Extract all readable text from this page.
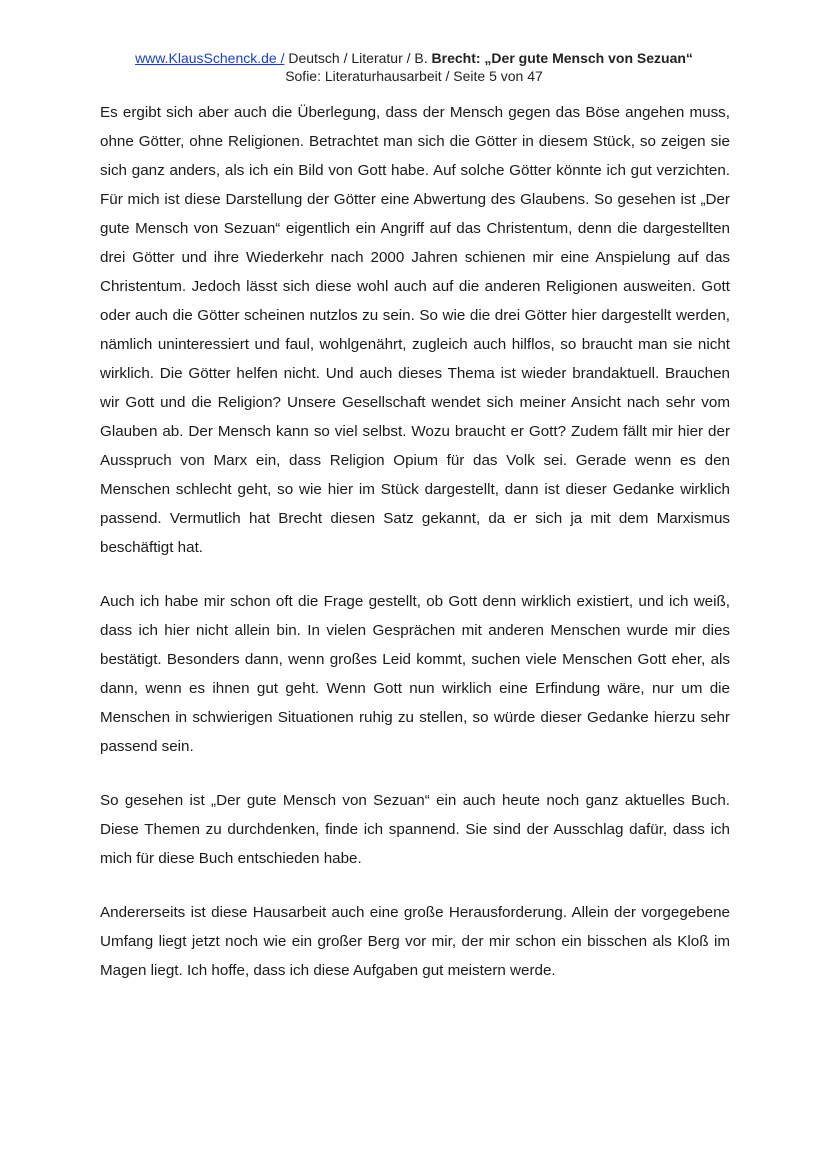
www.KlausSchenck.de / Deutsch / Literatur / B. Brecht: „Der gute Mensch von Sezuan“
Sofie: Literaturhausarbeit / Seite 5 von 47

Es ergibt sich aber auch die Überlegung, dass der Mensch gegen das Böse angehen muss, ohne Götter, ohne Religionen. Betrachtet man sich die Götter in diesem Stück, so zeigen sie sich ganz anders, als ich ein Bild von Gott habe. Auf solche Götter könnte ich gut verzichten. Für mich ist diese Darstellung der Götter eine Abwertung des Glaubens. So gesehen ist „Der gute Mensch von Sezuan“ eigentlich ein Angriff auf das Christentum, denn die dargestellten drei Götter und ihre Wiederkehr nach 2000 Jahren schienen mir eine Anspielung auf das Christentum. Jedoch lässt sich diese wohl auch auf die anderen Religionen ausweiten. Gott oder auch die Götter scheinen nutzlos zu sein. So wie die drei Götter hier dargestellt werden, nämlich uninteressiert und faul, wohlgenährt, zugleich auch hilflos, so braucht man sie nicht wirklich. Die Götter helfen nicht. Und auch dieses Thema ist wieder brandaktuell. Brauchen wir Gott und die Religion? Unsere Gesellschaft wendet sich meiner Ansicht nach sehr vom Glauben ab. Der Mensch kann so viel selbst. Wozu braucht er Gott? Zudem fällt mir hier der Ausspruch von Marx ein, dass Religion Opium für das Volk sei. Gerade wenn es den Menschen schlecht geht, so wie hier im Stück dargestellt, dann ist dieser Gedanke wirklich passend. Vermutlich hat Brecht diesen Satz gekannt, da er sich ja mit dem Marxismus beschäftigt hat.

Auch ich habe mir schon oft die Frage gestellt, ob Gott denn wirklich existiert, und ich weiß, dass ich hier nicht allein bin. In vielen Gesprächen mit anderen Menschen wurde mir dies bestätigt. Besonders dann, wenn großes Leid kommt, suchen viele Menschen Gott eher, als dann, wenn es ihnen gut geht. Wenn Gott nun wirklich eine Erfindung wäre, nur um die Menschen in schwierigen Situationen ruhig zu stellen, so würde dieser Gedanke hierzu sehr passend sein.

So gesehen ist „Der gute Mensch von Sezuan“ ein auch heute noch ganz aktuelles Buch. Diese Themen zu durchdenken, finde ich spannend. Sie sind der Ausschlag dafür, dass ich mich für diese Buch entschieden habe.

Andererseits ist diese Hausarbeit auch eine große Herausforderung. Allein der vorgegebene Umfang liegt jetzt noch wie ein großer Berg vor mir, der mir schon ein bisschen als Kloß im Magen liegt. Ich hoffe, dass ich diese Aufgaben gut meistern werde.
